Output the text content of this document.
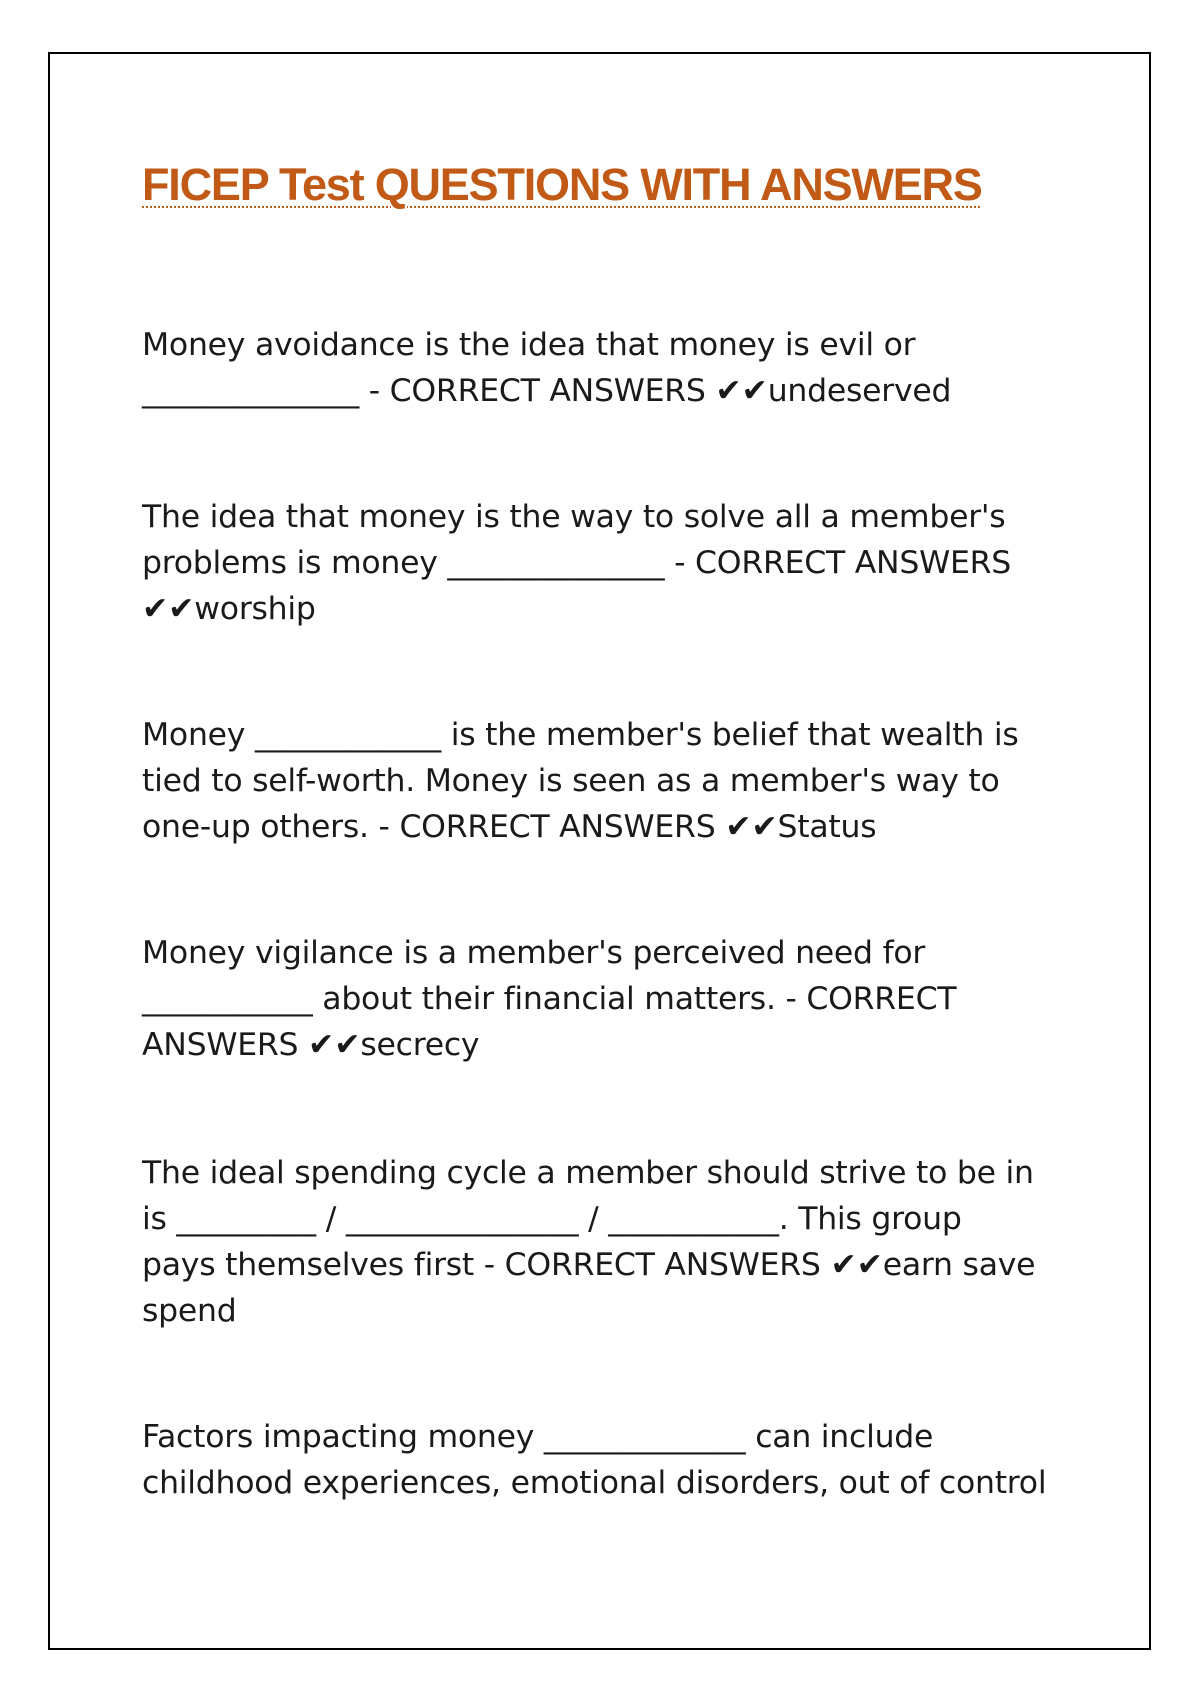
FICEP Test QUESTIONS WITH ANSWERS

Money avoidance is the idea that money is evil or
______________ - CORRECT ANSWERS ✔✔undeserved

The idea that money is the way to solve all a member's
problems is money ______________ - CORRECT ANSWERS
✔✔worship

Money ____________ is the member's belief that wealth is
tied to self-worth. Money is seen as a member's way to
one-up others. - CORRECT ANSWERS ✔✔Status

Money vigilance is a member's perceived need for
___________ about their financial matters. - CORRECT
ANSWERS ✔✔secrecy

The ideal spending cycle a member should strive to be in
is _________ / _______________ / ___________. This group
pays themselves first - CORRECT ANSWERS ✔✔earn save
spend

Factors impacting money _____________ can include
childhood experiences, emotional disorders, out of control
